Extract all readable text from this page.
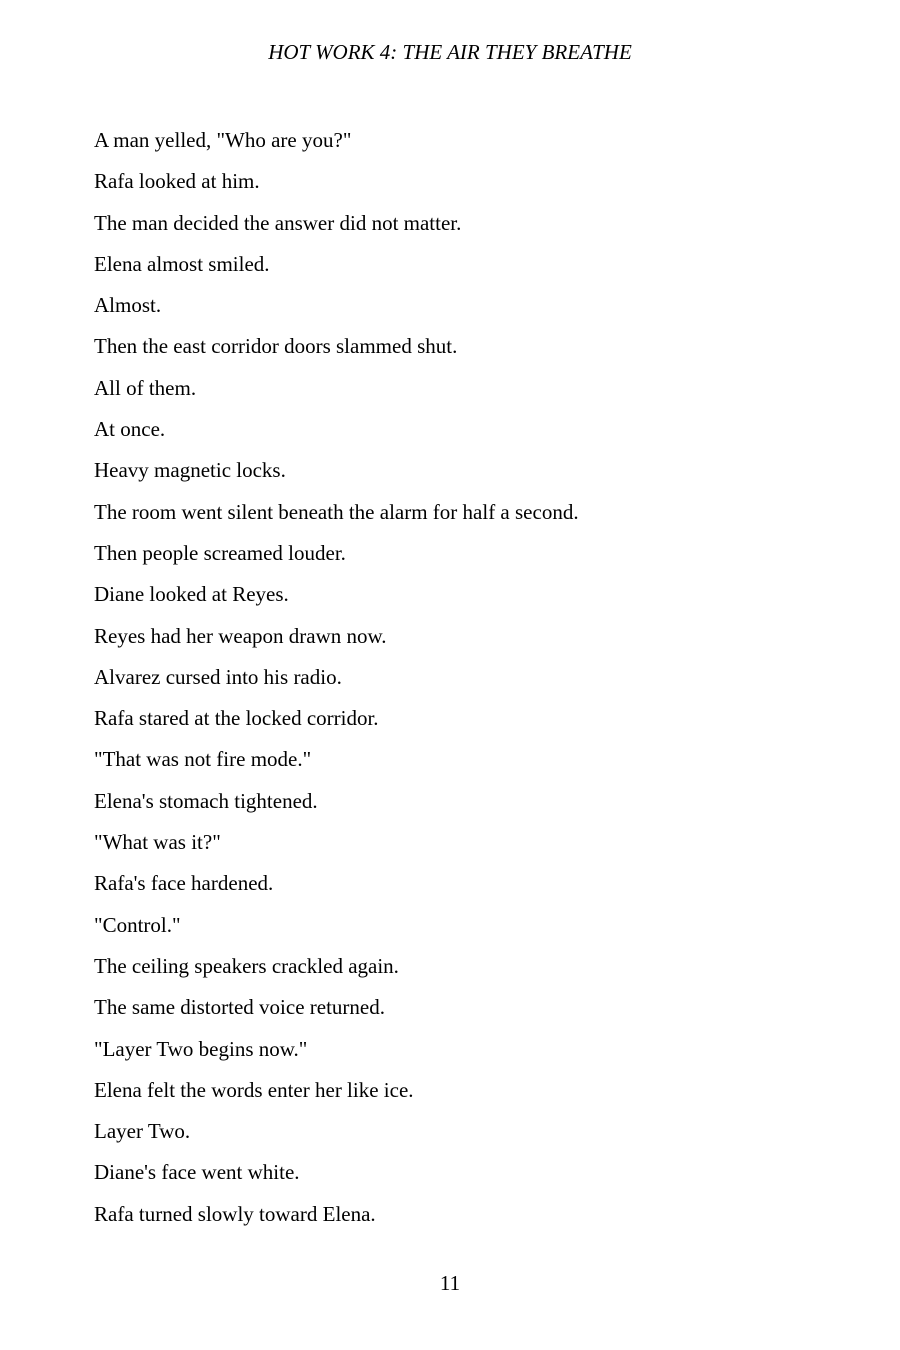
HOT WORK 4: THE AIR THEY BREATHE

A man yelled, "Who are you?"

Rafa looked at him.

The man decided the answer did not matter.

Elena almost smiled.

Almost.

Then the east corridor doors slammed shut.

All of them.

At once.

Heavy magnetic locks.

The room went silent beneath the alarm for half a second.

Then people screamed louder.

Diane looked at Reyes.

Reyes had her weapon drawn now.

Alvarez cursed into his radio.

Rafa stared at the locked corridor.

"That was not fire mode."

Elena's stomach tightened.

"What was it?"

Rafa's face hardened.

"Control."

The ceiling speakers crackled again.

The same distorted voice returned.

"Layer Two begins now."

Elena felt the words enter her like ice.

Layer Two.

Diane's face went white.

Rafa turned slowly toward Elena.

11
